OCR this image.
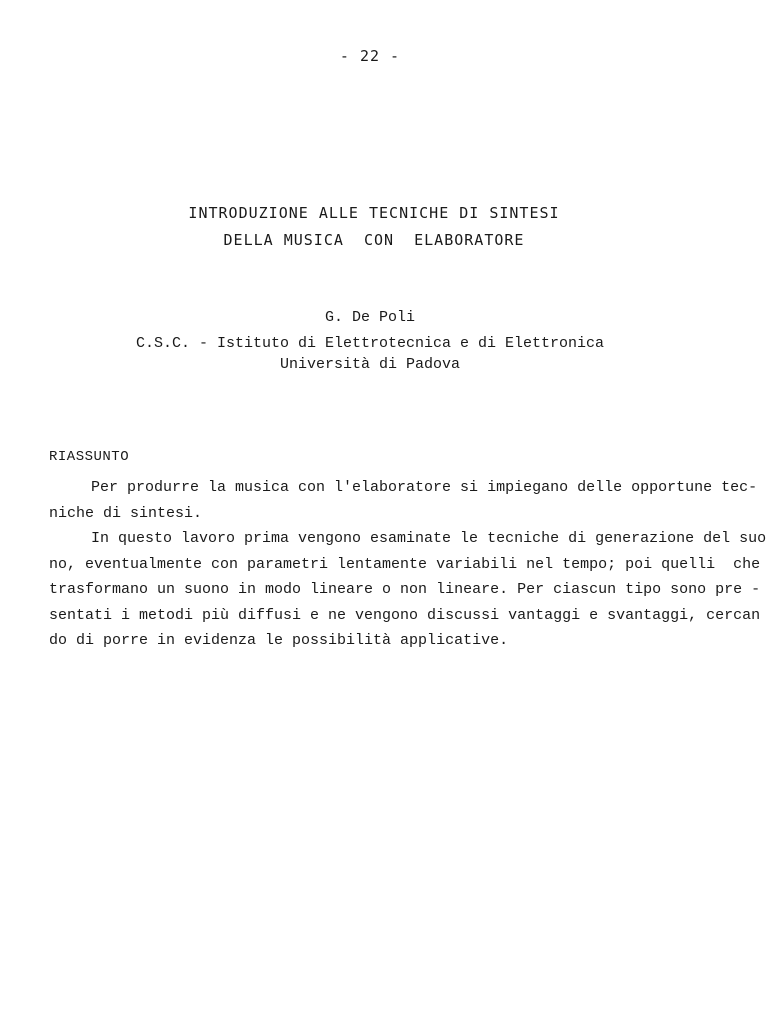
- 22 -
INTRODUZIONE ALLE TECNICHE DI SINTESI
DELLA MUSICA  CON  ELABORATORE
G. De Poli
C.S.C. - Istituto di Elettrotecnica e di Elettronica
Università di Padova
RIASSUNTO
Per produrre la musica con l'elaboratore si impiegano delle opportune tec-
niche di sintesi.
In questo lavoro prima vengono esaminate le tecniche di generazione del suo
no, eventualmente con parametri lentamente variabili nel tempo; poi quelli  che
trasformano un suono in modo lineare o non lineare. Per ciascun tipo sono pre -
sentati i metodi più diffusi e ne vengono discussi vantaggi e svantaggi, cercan
do di porre in evidenza le possibilità applicative.
